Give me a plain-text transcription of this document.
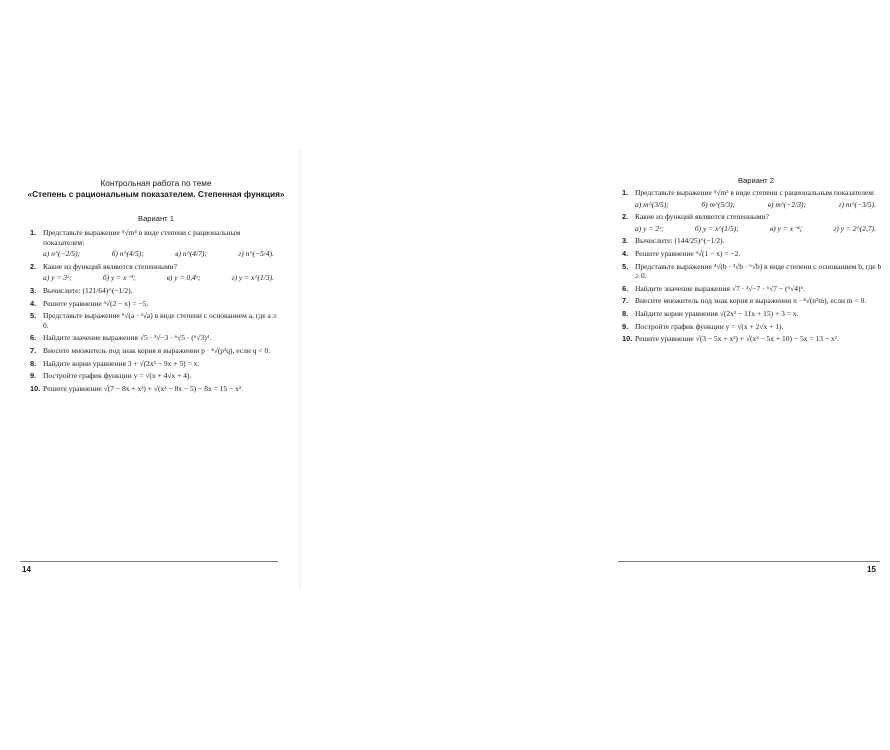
Контрольная работа по теме
«Степень с рациональным показателем. Степенная функция»
Вариант 1
1. Представьте выражение ⁵√m⁴ в виде степени с рациональным показателем:
а) n^(−2/5);	б) n^(4/5);	в) n^(4/7);	г) n^(−5/4).
2. Какие из функций являются степенными?
а) y = 3ˣ;	б) y = x⁻⁴;	в) y = 0,4ˣ;	г) y = x^(1/3).
3. Вычислите: (121/64)^(−1/2).
4. Решите уравнение ³√(2 − x) = −5.
5. Представьте выражение ⁶√(a · ³√a) в виде степени с основанием a, где a ≥ 0.
6. Найдите значение выражения √5 · ³√−3 · ⁶√5 · (⁶√3)⁴.
7. Внесите множитель под знак корня в выражении p · ⁴√(p³q), если q < 0.
8. Найдите корни уравнения 3 + √(2x² − 9x + 5) = x.
9. Постройте график функции y = √(x + 4√x + 4).
10. Решите уравнение √(7 − 8x + x²) + √(x² − 8x − 5) − 8x = 15 − x².
14
Вариант 2
1. Представьте выражение ⁵√m³ в виде степени с рациональным показателем:
а) m^(3/5);	б) m^(5/3);	в) m^(−2/3);	г) m^(−3/5).
2. Какие из функций являются степенными?
а) y = 2ˣ;	б) y = x^(1/5);	в) y = x⁻⁴;	г) y = 2^(2,7).
3. Вычислите: (144/25)^(−1/2).
4. Решите уравнение ³√(1 − x) = −2.
5. Представьте выражение ⁴√(b · ³√b · ⁶√b) в виде степени с основанием b, где b ≥ 0.
6. Найдите значение выражения √7 · ³√−7 · ⁶√7 − (⁶√4)⁶.
7. Внесите множитель под знак корня в выражении n · ⁴√(n²m), если m < 0.
8. Найдите корни уравнения √(2x² − 11x + 15) + 3 = x.
9. Постройте график функции y = √(x + 2√x + 1).
10. Решите уравнение √(3 − 5x + x²) + √(x² − 5x + 10) − 5x = 13 − x².
15
